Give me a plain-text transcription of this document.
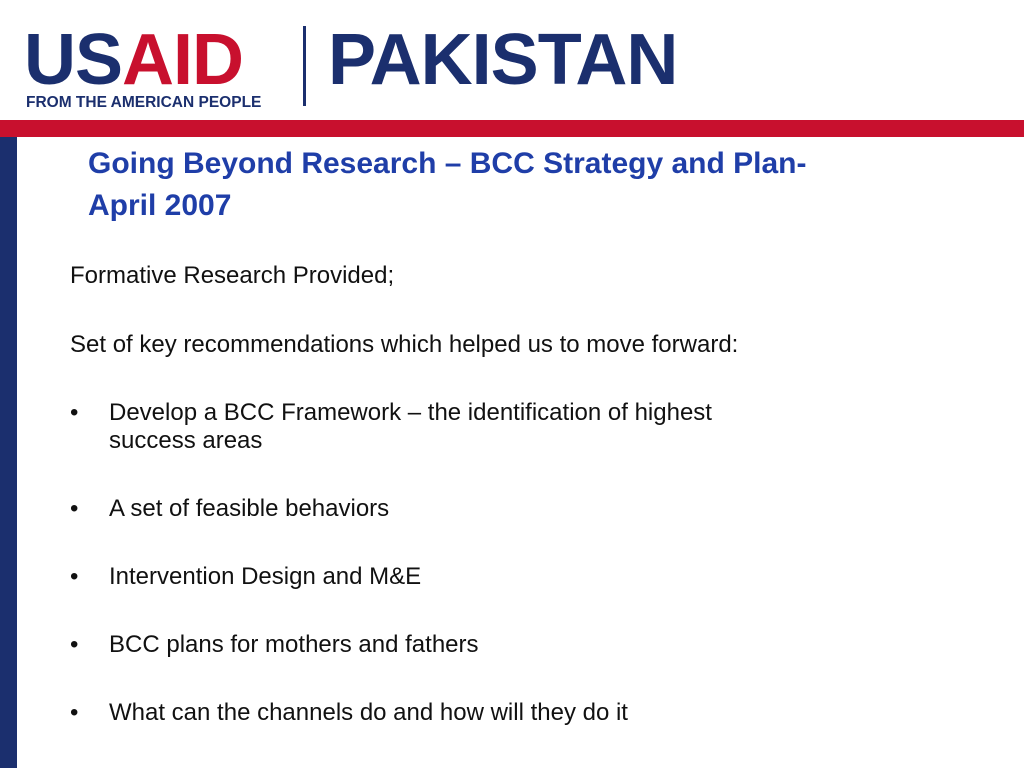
USAID
FROM THE AMERICAN PEOPLE
PAKISTAN
Going Beyond Research – BCC Strategy and Plan-
April 2007
Formative Research Provided;
Set of key recommendations which helped us to move forward:
•	Develop a BCC Framework – the identification of highest
success areas
•	A set of feasible behaviors
•	Intervention Design and M&E
•	BCC plans for mothers and fathers
•	What can the channels do and how will they do it
